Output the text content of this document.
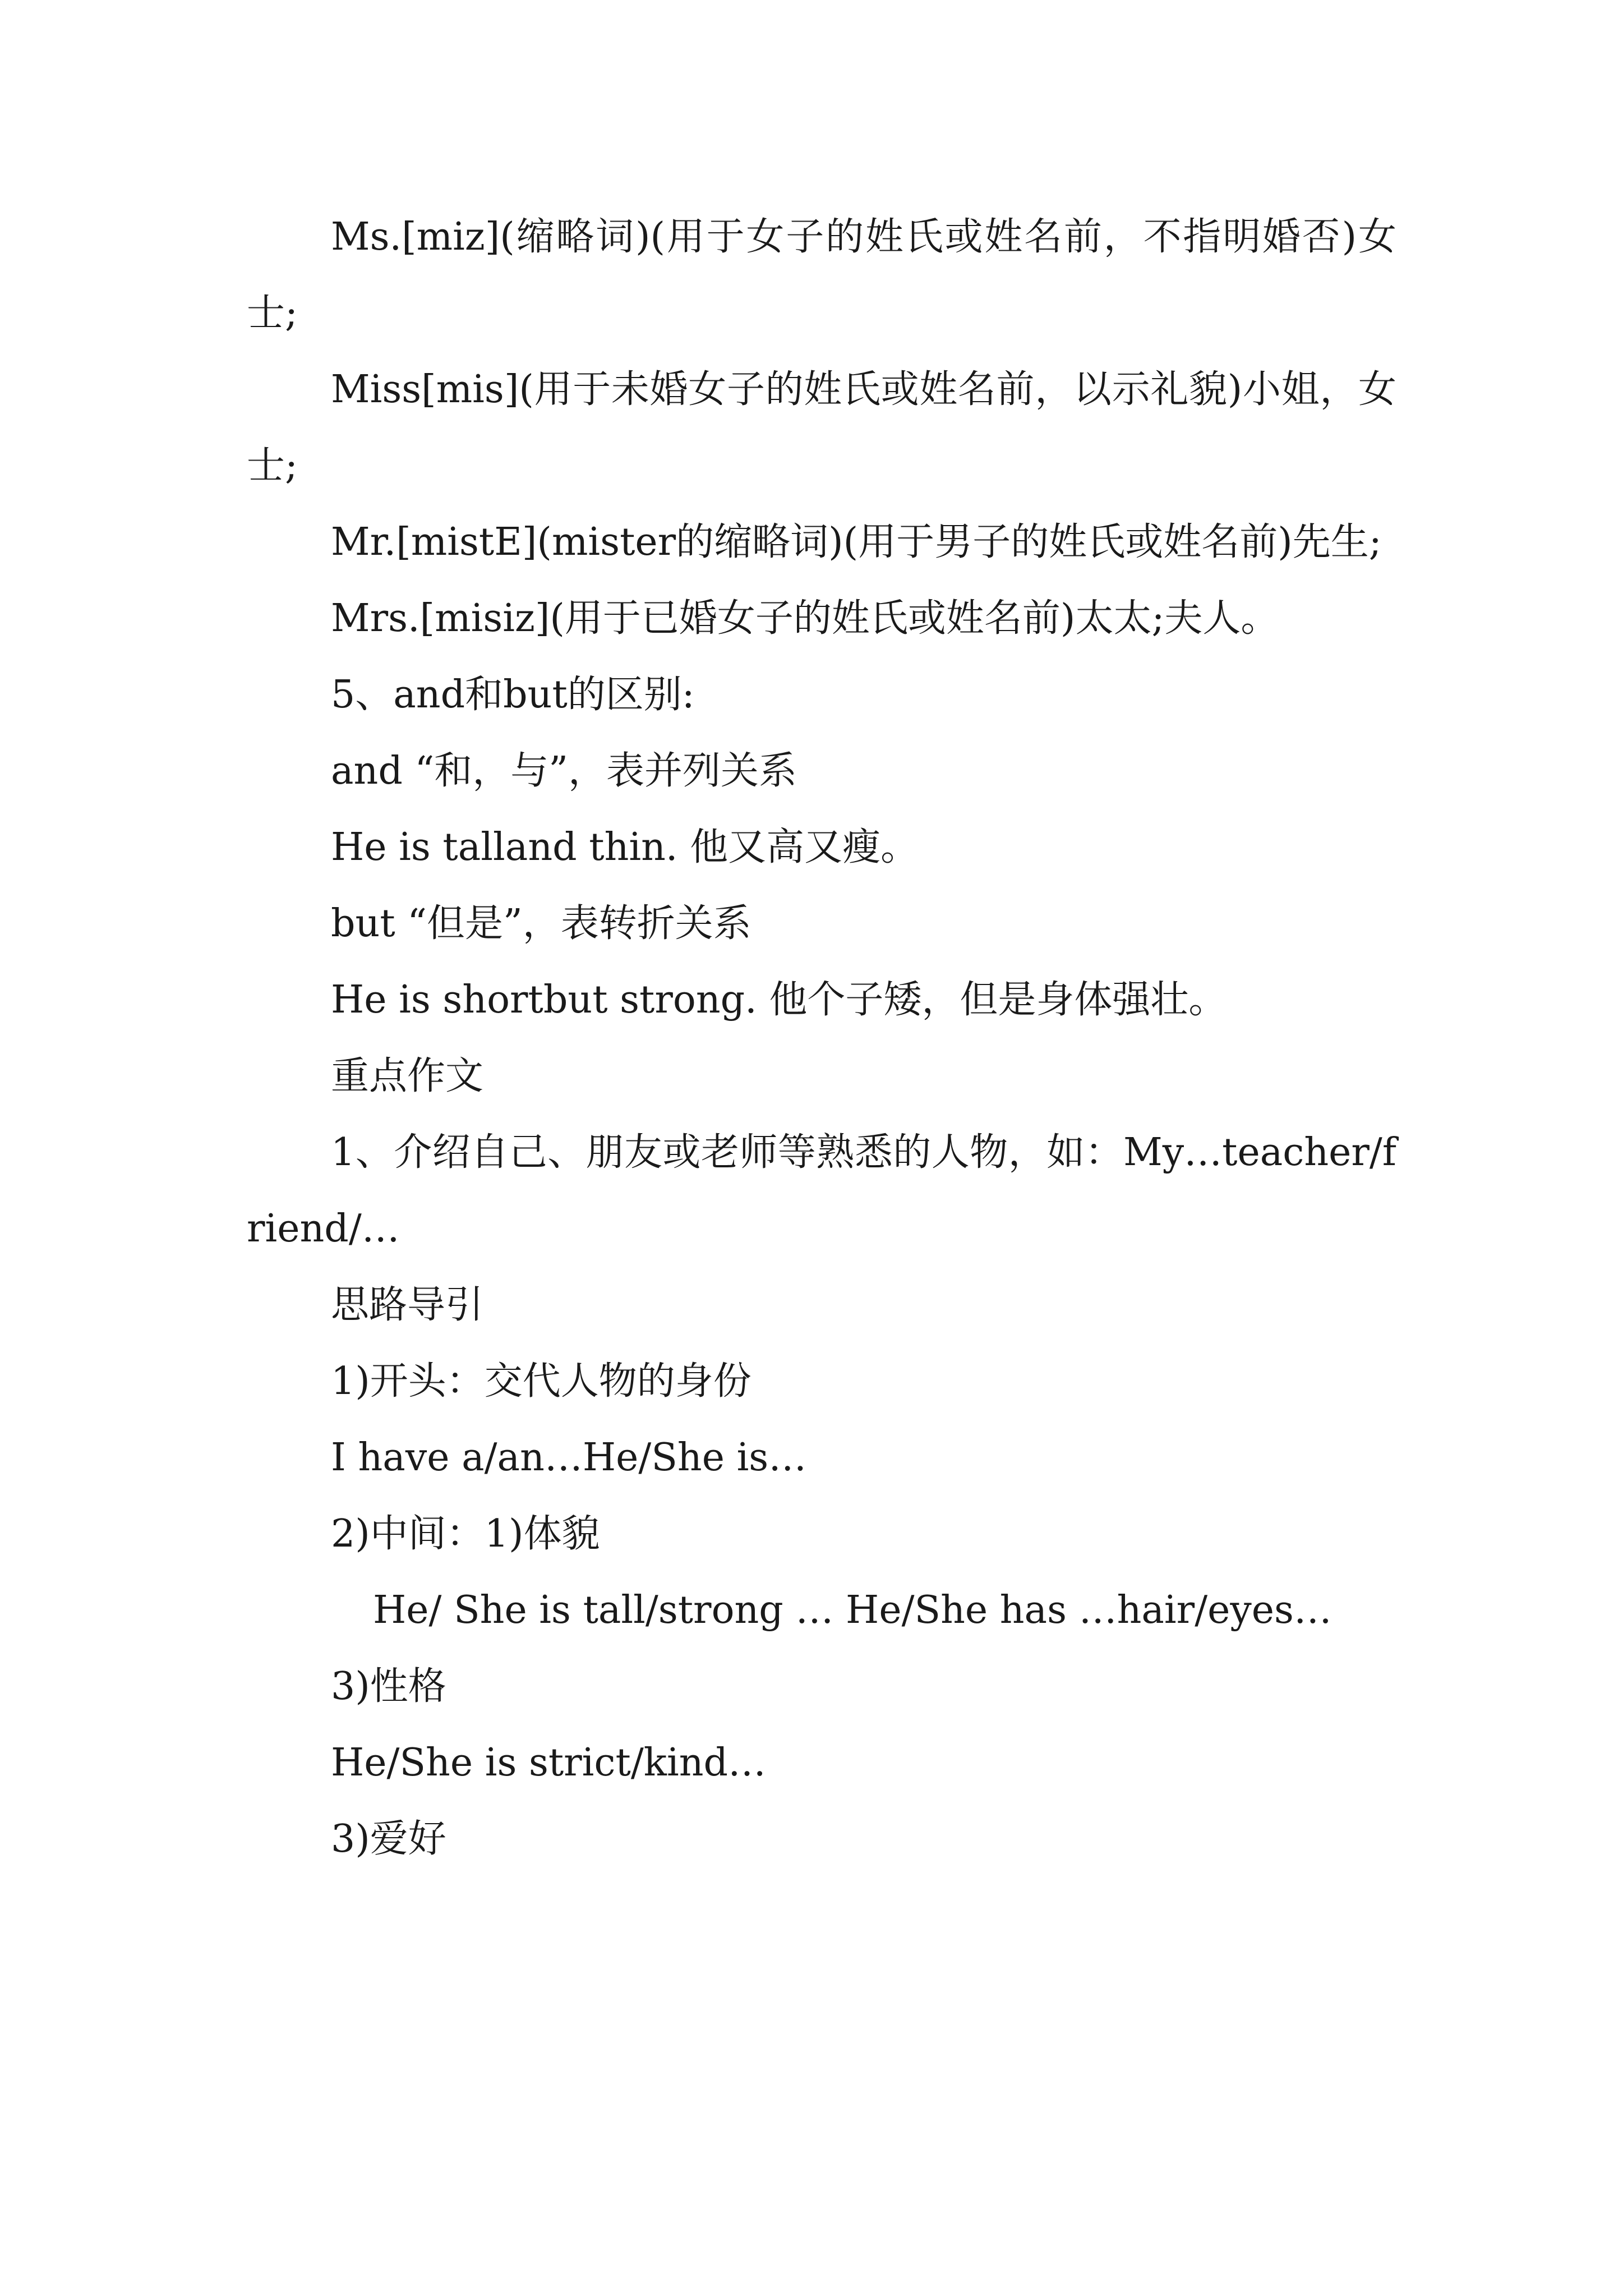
Ms.[miz](缩略词)(用于女子的姓氏或姓名前，不指明婚否)女士;

Miss[mis](用于未婚女子的姓氏或姓名前，以示礼貌)小姐，女士;

Mr.[mistE](mister的缩略词)(用于男子的姓氏或姓名前)先生;

Mrs.[misiz](用于已婚女子的姓氏或姓名前)太太;夫人。

5、and和but的区别:

and “和，与”，表并列关系

He is talland thin. 他又高又瘦。

but “但是”，表转折关系

He is shortbut strong. 他个子矮，但是身体强壮。

重点作文

1、介绍自己、朋友或老师等熟悉的人物，如：My…teacher/friend/…

思路导引

1)开头：交代人物的身份

I have a/an…He/She is…

2)中间：1)体貌

He/ She is tall/strong … He/She has …hair/eyes…

3)性格

He/She is strict/kind…

3)爱好
